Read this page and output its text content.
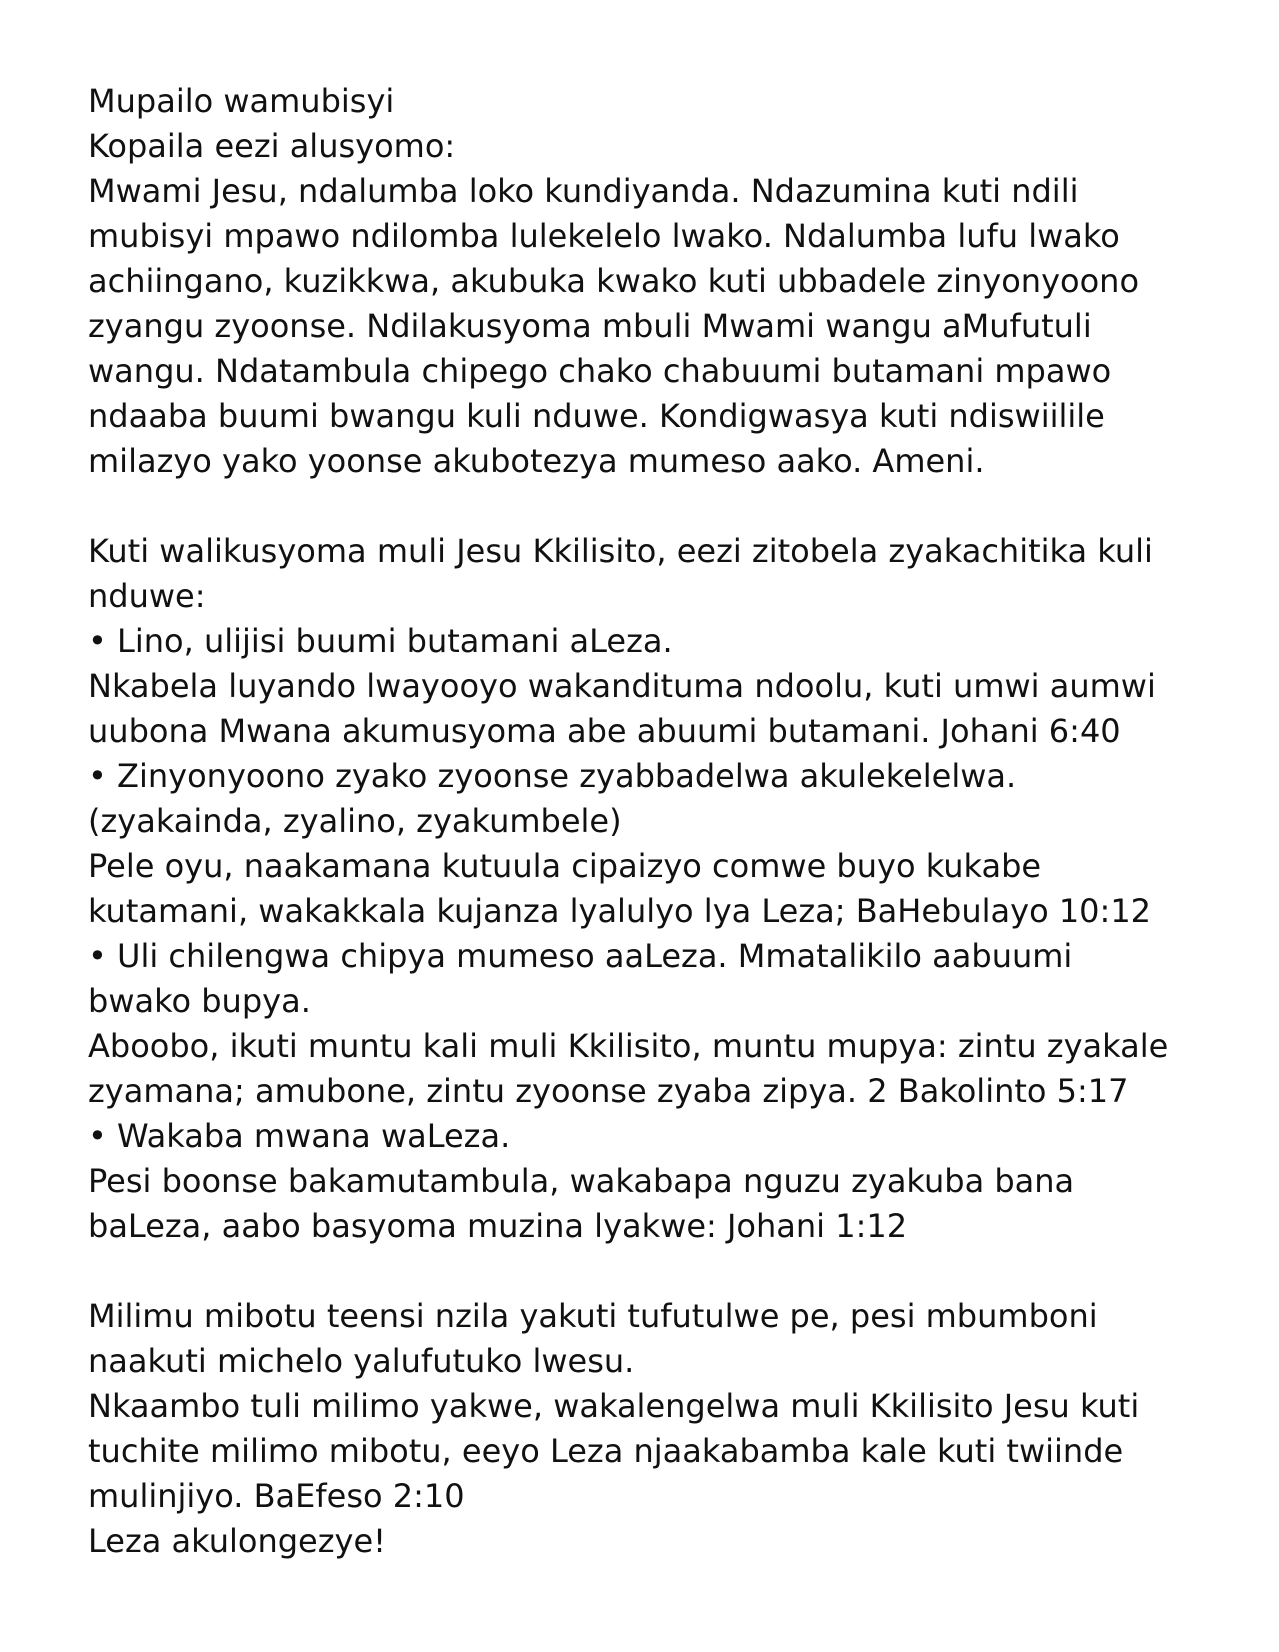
Mupailo wamubisyi
Kopaila eezi alusyomo:
Mwami Jesu, ndalumba loko kundiyanda. Ndazumina kuti ndili
mubisyi mpawo ndilomba lulekelelo lwako. Ndalumba lufu lwako
achiingano, kuzikkwa, akubuka kwako kuti ubbadele zinyonyoono
zyangu zyoonse. Ndilakusyoma mbuli Mwami wangu aMufutuli
wangu. Ndatambula chipego chako chabuumi butamani mpawo
ndaaba buumi bwangu kuli nduwe. Kondigwasya kuti ndiswiilile
milazyo yako yoonse akubotezya mumeso aako. Ameni.
Kuti walikusyoma muli Jesu Kkilisito, eezi zitobela zyakachitika kuli
nduwe:
• Lino, ulijisi buumi butamani aLeza.
Nkabela luyando lwayooyo wakandituma ndoolu, kuti umwi aumwi
uubona Mwana akumusyoma abe abuumi butamani. Johani 6:40
• Zinyonyoono zyako zyoonse zyabbadelwa akulekelelwa.
(zyakainda, zyalino, zyakumbele)
Pele oyu, naakamana kutuula cipaizyo comwe buyo kukabe
kutamani, wakakkala kujanza lyalulyo lya Leza; BaHebulayo 10:12
• Uli chilengwa chipya mumeso aaLeza. Mmatalikilo aabuumi
bwako bupya.
Aboobo, ikuti muntu kali muli Kkilisito, muntu mupya: zintu zyakale
zyamana; amubone, zintu zyoonse zyaba zipya. 2 Bakolinto 5:17
• Wakaba mwana waLeza.
Pesi boonse bakamutambula, wakabapa nguzu zyakuba bana
baLeza, aabo basyoma muzina lyakwe: Johani 1:12
Milimu mibotu teensi nzila yakuti tufutulwe pe, pesi mbumboni
naakuti michelo yalufutuko lwesu.
Nkaambo tuli milimo yakwe, wakalengelwa muli Kkilisito Jesu kuti
tuchite milimo mibotu, eeyo Leza njaakabamba kale kuti twiinde
mulinjiyo. BaEfeso 2:10
Leza akulongezye!
